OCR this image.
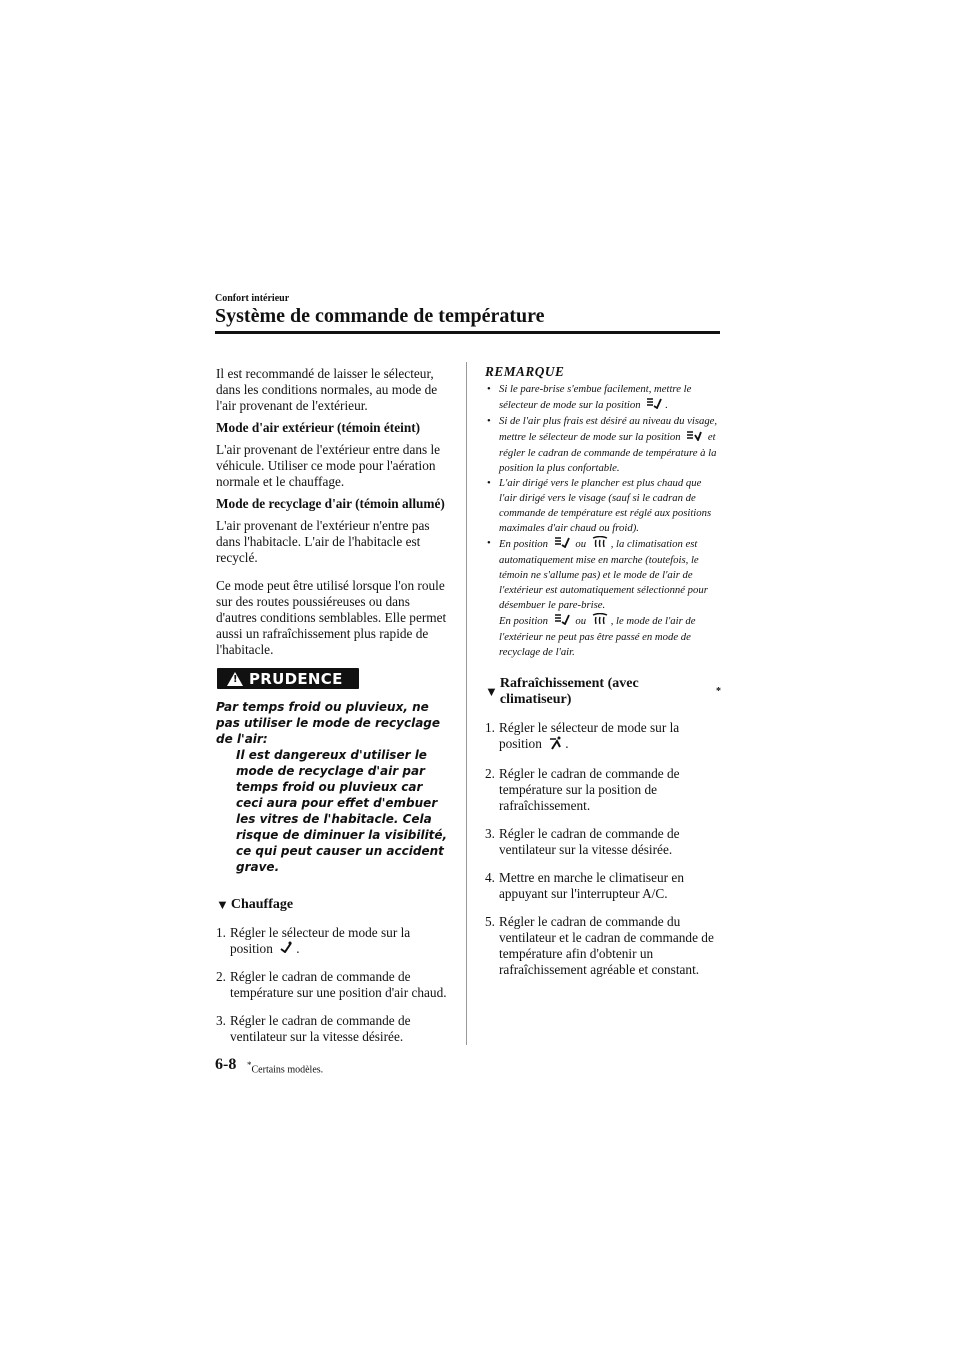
Confort intérieur
Système de commande de température

Il est recommandé de laisser le sélecteur, dans les conditions normales, au mode de l'air provenant de l'extérieur.

Mode d'air extérieur (témoin éteint)

L'air provenant de l'extérieur entre dans le véhicule. Utiliser ce mode pour l'aération normale et le chauffage.

Mode de recyclage d'air (témoin allumé)

L'air provenant de l'extérieur n'entre pas dans l'habitacle. L'air de l'habitacle est recyclé.

Ce mode peut être utilisé lorsque l'on roule sur des routes poussiéreuses ou dans d'autres conditions semblables. Elle permet aussi un rafraîchissement plus rapide de l'habitacle.

! PRUDENCE
Par temps froid ou pluvieux, ne pas utiliser le mode de recyclage de l'air:
Il est dangereux d'utiliser le mode de recyclage d'air par temps froid ou pluvieux car ceci aura pour effet d'embuer les vitres de l'habitacle. Cela risque de diminuer la visibilité, ce qui peut causer un accident grave.
▼ Chauffage
1. Régler le sélecteur de mode sur la position .
2. Régler le cadran de commande de température sur une position d'air chaud.
3. Régler le cadran de commande de ventilateur sur la vitesse désirée.
REMARQUE
• Si le pare-brise s'embue facilement, mettre le sélecteur de mode sur la position .
• Si de l'air plus frais est désiré au niveau du visage, mettre le sélecteur de mode sur la position	et régler le cadran de commande de température à la position la plus confortable.
• L'air dirigé vers le plancher est plus chaud que l'air dirigé vers le visage (sauf si le cadran de commande de température est réglé aux positions maximales d'air chaud ou froid).
• En position	ou , la climatisation est automatiquement mise en marche (toutefois, le témoin ne s'allume pas) et le mode de l'air de l'extérieur est automatiquement sélectionné pour désembuer le pare-brise.
En position	ou , le mode de l'air de l'extérieur ne peut pas être passé en mode de recyclage de l'air.
▼
Rafraîchissement (avec climatiseur)
*
1. Régler le sélecteur de mode sur la position .
2. Régler le cadran de commande de température sur la position de rafraîchissement.
3. Régler le cadran de commande de ventilateur sur la vitesse désirée.
4. Mettre en marche le climatiseur en appuyant sur l'interrupteur A/C.
5. Régler le cadran de commande du ventilateur et le cadran de commande de température afin d'obtenir un rafraîchissement agréable et constant.
6-8 *Certains modèles.
